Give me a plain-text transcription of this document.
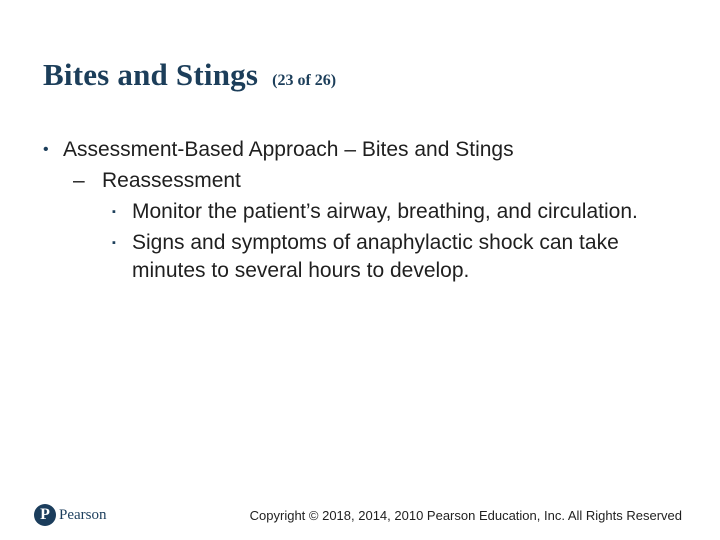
Bites and Stings (23 of 26)
• Assessment-Based Approach – Bites and Stings
– Reassessment
▪ Monitor the patient’s airway, breathing, and circulation.
▪ Signs and symptoms of anaphylactic shock can take minutes to several hours to develop.
P Pearson	Copyright © 2018, 2014, 2010 Pearson Education, Inc. All Rights Reserved
